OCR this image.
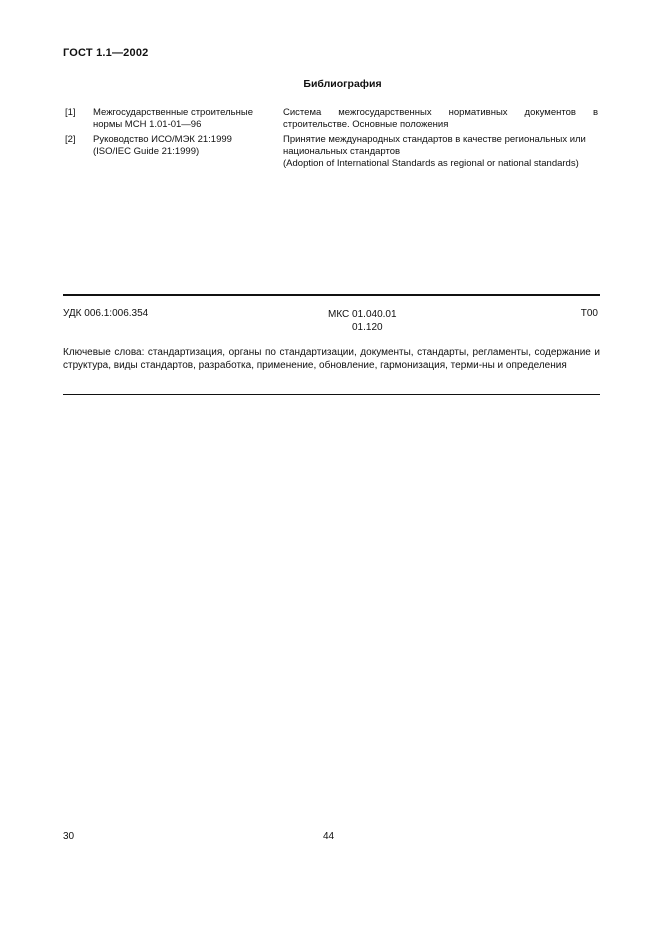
ГОСТ 1.1—2002
Библиография
[1] Межгосударственные строительные
нормы МСН 1.01-01—96
Система межгосударственных нормативных документов в строительстве. Основные положения
[2] Руководство ИСО/МЭК 21:1999
(ISO/IEC Guide 21:1999)
Принятие международных стандартов в качестве региональных или национальных стандартов
(Adoption of International Standards as regional or national standards)
УДК 006.1:006.354	МКС 01.040.01
01.120
Т00
Ключевые слова: стандартизация, органы по стандартизации, документы, стандарты, регламенты, содержание и структура, виды стандартов, разработка, применение, обновление, гармонизация, терми-ны и определения
30	44
